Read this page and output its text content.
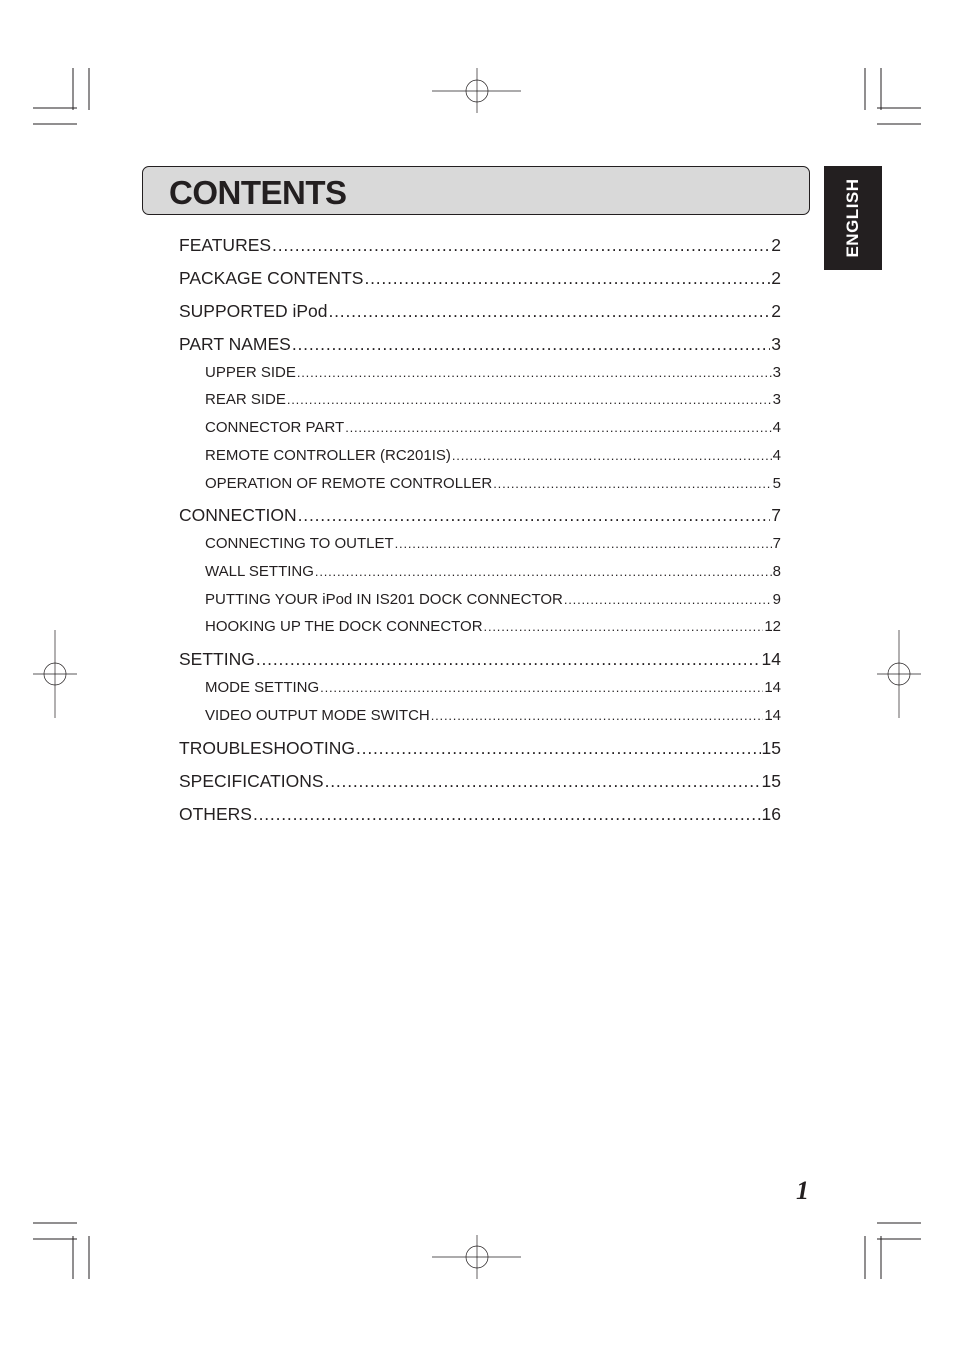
CONTENTS	ENGLISH
FEATURES .....	2
PACKAGE CONTENTS .....	2
SUPPORTED iPod .....	2
PART NAMES .....	3
UPPER SIDE .....	3
REAR SIDE .....	3
CONNECTOR PART .....	4
REMOTE CONTROLLER (RC201IS) .....	4
OPERATION OF REMOTE CONTROLLER .....	5
CONNECTION .....	7
CONNECTING TO OUTLET .....	7
WALL SETTING .....	8
PUTTING YOUR iPod IN IS201 DOCK CONNECTOR .....	9
HOOKING UP THE DOCK CONNECTOR .....	12
SETTING .....	14
MODE SETTING .....	14
VIDEO OUTPUT MODE SWITCH .....	14
TROUBLESHOOTING .....	15
SPECIFICATIONS .....	15
OTHERS .....	16
1
